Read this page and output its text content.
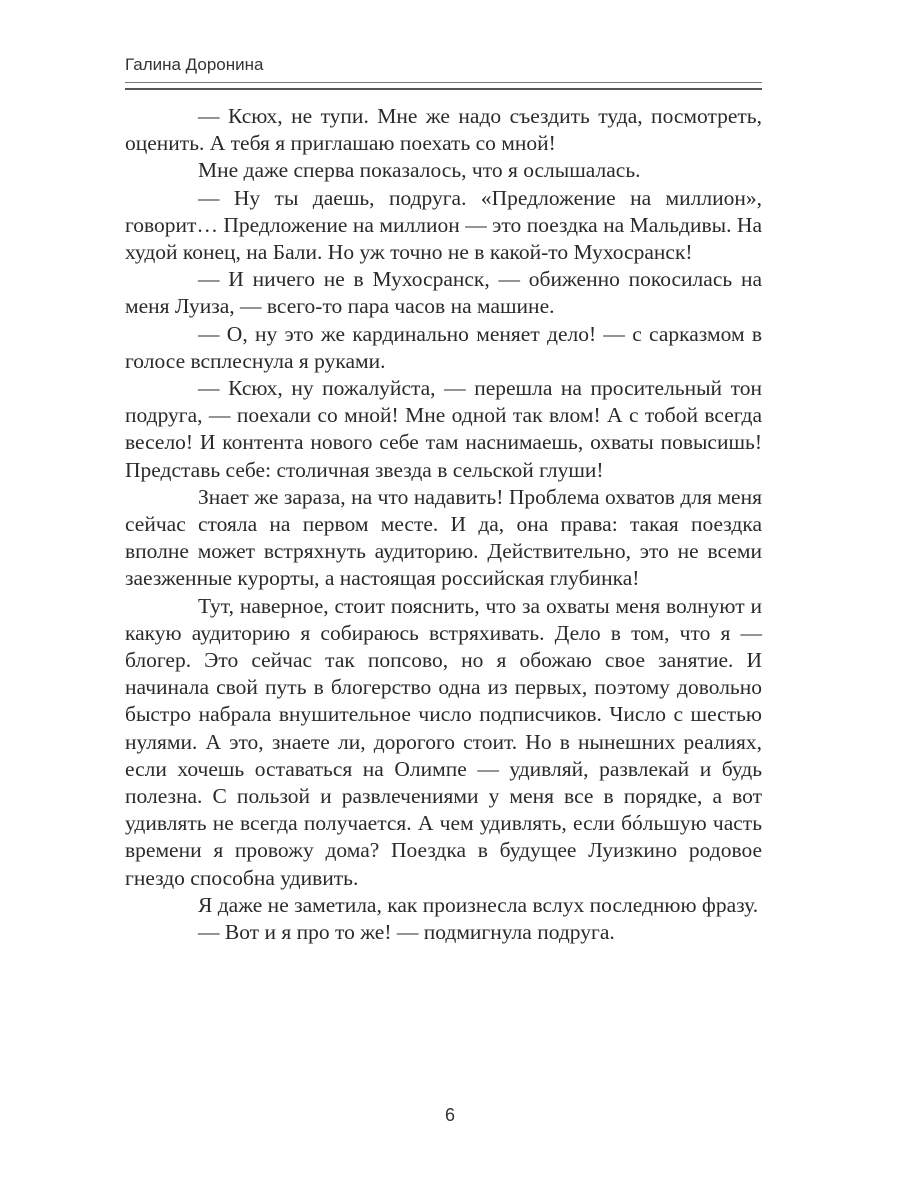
Галина Доронина

— Ксюх, не тупи. Мне же надо съездить туда, посмотреть, оценить. А тебя я приглашаю поехать со мной!

Мне даже сперва показалось, что я ослышалась.

— Ну ты даешь, подруга. «Предложение на миллион», говорит… Предложение на миллион — это поездка на Мальдивы. На худой конец, на Бали. Но уж точно не в какой-то Мухосранск!

— И ничего не в Мухосранск, — обиженно покосилась на меня Луиза, — всего-то пара часов на машине.

— О, ну это же кардинально меняет дело! — с сарказмом в голосе всплеснула я руками.

— Ксюх, ну пожалуйста, — перешла на просительный тон подруга, — поехали со мной! Мне одной так влом! А с тобой всегда весело! И контента нового себе там наснимаешь, охваты повысишь! Представь себе: столичная звезда в сельской глуши!

Знает же зараза, на что надавить! Проблема охватов для меня сейчас стояла на первом месте. И да, она права: такая поездка вполне может встряхнуть аудиторию. Действительно, это не всеми заезженные курорты, а настоящая российская глубинка!

Тут, наверное, стоит пояснить, что за охваты меня волнуют и какую аудиторию я собираюсь встряхивать. Дело в том, что я — блогер. Это сейчас так попсово, но я обожаю свое занятие. И начинала свой путь в блогерство одна из первых, поэтому довольно быстро набрала внушительное число подписчиков. Число с шестью нулями. А это, знаете ли, дорогого стоит. Но в нынешних реалиях, если хочешь оставаться на Олимпе — удивляй, развлекай и будь полезна. С пользой и развлечениями у меня все в порядке, а вот удивлять не всегда получается. А чем удивлять, если бóльшую часть времени я провожу дома? Поездка в будущее Луизкино родовое гнездо способна удивить.

Я даже не заметила, как произнесла вслух последнюю фразу.

— Вот и я про то же! — подмигнула подруга.

6
